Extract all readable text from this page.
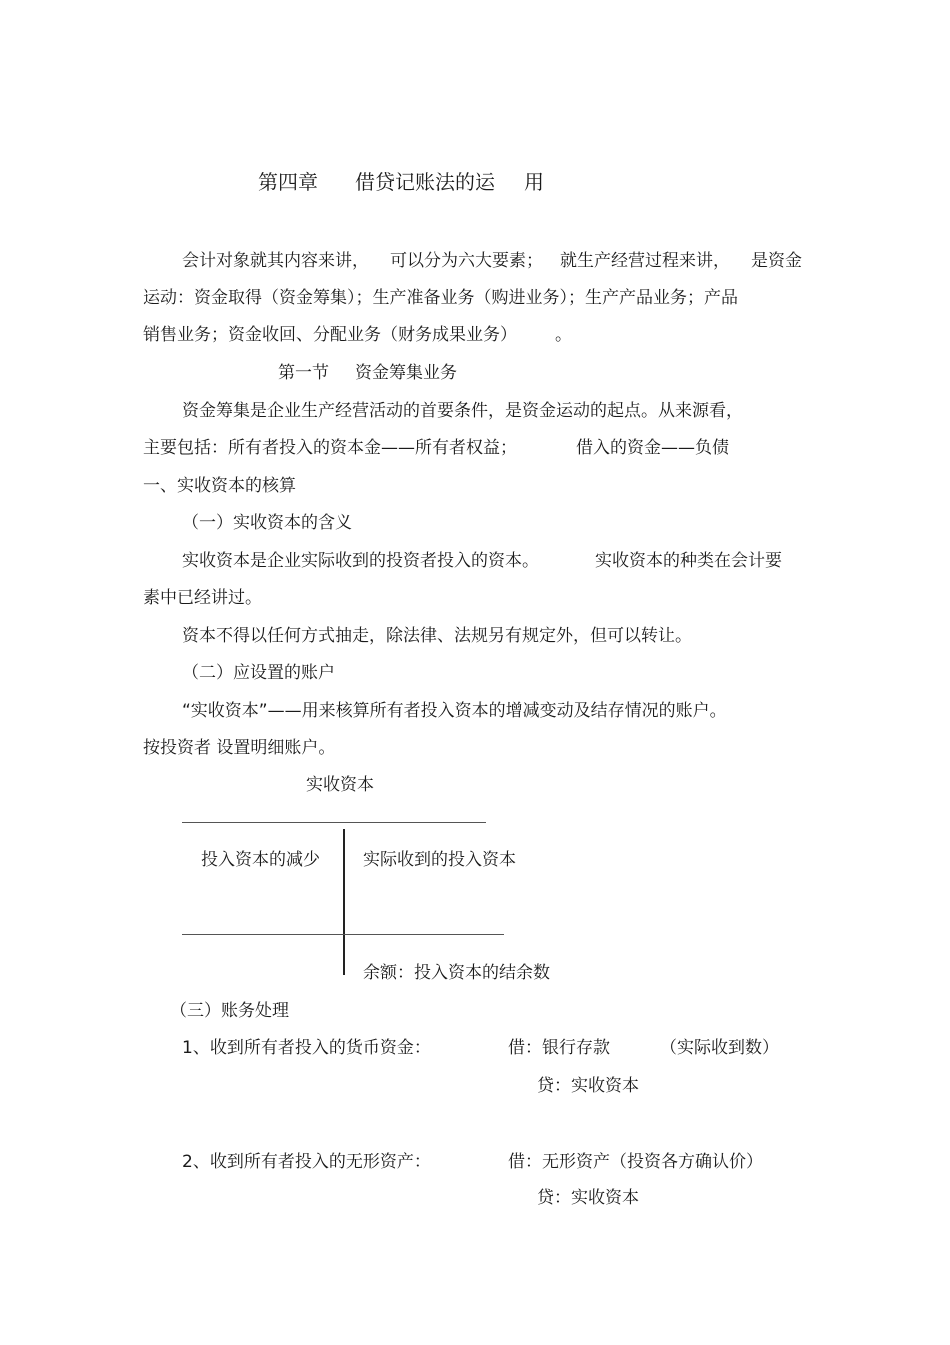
第四章 借贷记账法的运 用
会计对象就其内容来讲， 可以分为六大要素； 就生产经营过程来讲， 是资金
运动：资金取得（资金筹集）；生产准备业务（购进业务）；生产产品业务；产品
销售业务；资金收回、分配业务（财务成果业务） 。
第一节 资金筹集业务
资金筹集是企业生产经营活动的首要条件，是资金运动的起点。从来源看，
主要包括：所有者投入的资本金——所有者权益；	借入的资金——负债
一、实收资本的核算
（一）实收资本的含义
实收资本是企业实际收到的投资者投入的资本。	实收资本的种类在会计要
素中已经讲过。
资本不得以任何方式抽走，除法律、法规另有规定外，但可以转让。
（二）应设置的账户
“实收资本”——用来核算所有者投入资本的增减变动及结存情况的账户。
按投资者 设置明细账户。
实收资本
投入资本的减少	实际收到的投入资本
余额：投入资本的结余数
（三）账务处理
1、收到所有者投入的货币资金：	借：银行存款	（实际收到数）
贷：实收资本
2、收到所有者投入的无形资产：	借：无形资产（投资各方确认价）
贷：实收资本
